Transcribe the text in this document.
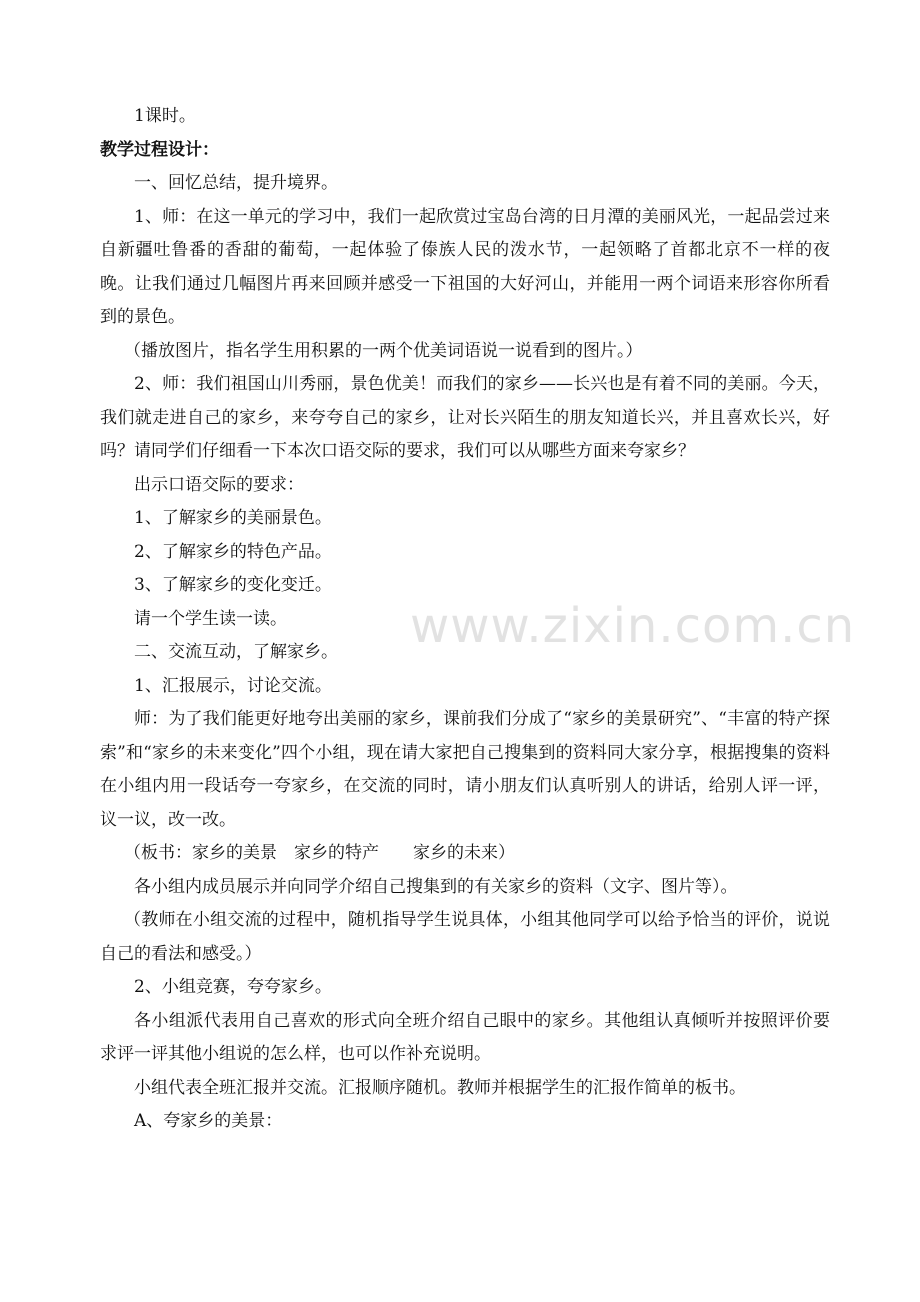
1课时。

教学过程设计：

一、回忆总结，提升境界。

1、师：在这一单元的学习中，我们一起欣赏过宝岛台湾的日月潭的美丽风光，一起品尝过来自新疆吐鲁番的香甜的葡萄，一起体验了傣族人民的泼水节，一起领略了首都北京不一样的夜晚。让我们通过几幅图片再来回顾并感受一下祖国的大好河山，并能用一两个词语来形容你所看到的景色。

（播放图片，指名学生用积累的一两个优美词语说一说看到的图片。）

2、师：我们祖国山川秀丽，景色优美！而我们的家乡——长兴也是有着不同的美丽。今天，我们就走进自己的家乡，来夸夸自己的家乡，让对长兴陌生的朋友知道长兴，并且喜欢长兴，好吗？请同学们仔细看一下本次口语交际的要求，我们可以从哪些方面来夸家乡？

出示口语交际的要求：

1、了解家乡的美丽景色。

2、了解家乡的特色产品。

3、了解家乡的变化变迁。

请一个学生读一读。

二、交流互动，了解家乡。

1、汇报展示，讨论交流。

师：为了我们能更好地夸出美丽的家乡，课前我们分成了“家乡的美景研究”、“丰富的特产探索”和“家乡的未来变化”四个小组，现在请大家把自己搜集到的资料同大家分享，根据搜集的资料在小组内用一段话夸一夸家乡，在交流的同时，请小朋友们认真听别人的讲话，给别人评一评，议一议，改一改。

（板书：家乡的美景　家乡的特产　　家乡的未来）

各小组内成员展示并向同学介绍自己搜集到的有关家乡的资料（文字、图片等）。

（教师在小组交流的过程中，随机指导学生说具体，小组其他同学可以给予恰当的评价，说说自己的看法和感受。）

2、小组竞赛，夸夸家乡。

各小组派代表用自己喜欢的形式向全班介绍自己眼中的家乡。其他组认真倾听并按照评价要求评一评其他小组说的怎么样，也可以作补充说明。

小组代表全班汇报并交流。汇报顺序随机。教师并根据学生的汇报作简单的板书。

A、夸家乡的美景：

www.zixin.com.cn
